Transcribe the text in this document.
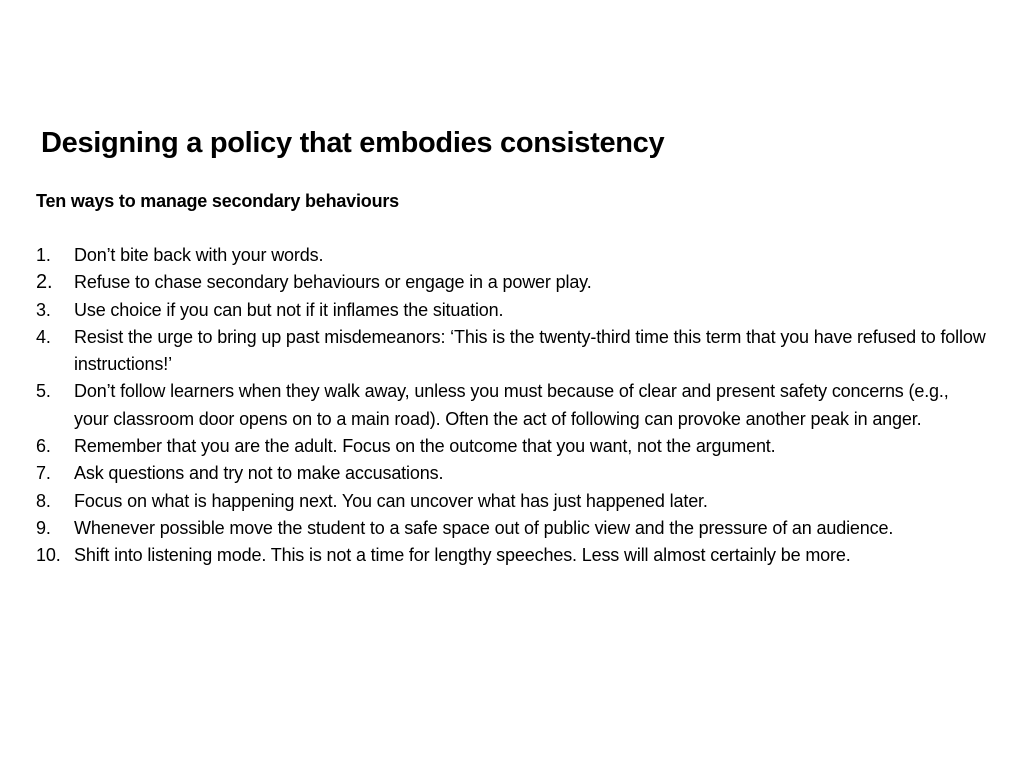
Designing a policy that embodies consistency

Ten ways to manage secondary behaviours

1.	Don’t bite back with your words.
2.	Refuse to chase secondary behaviours or engage in a power play.
3.	Use choice if you can but not if it inflames the situation.
4.	Resist the urge to bring up past misdemeanors: ‘This is the twenty-third time this term that you have refused to follow instructions!’
5.	Don’t follow learners when they walk away, unless you must because of clear and present safety concerns (e.g., your classroom door opens on to a main road). Often the act of following can provoke another peak in anger.
6.	Remember that you are the adult. Focus on the outcome that you want, not the argument.
7.	Ask questions and try not to make accusations.
8.	Focus on what is happening next. You can uncover what has just happened later.
9.	Whenever possible move the student to a safe space out of public view and the pressure of an audience.
10. Shift into listening mode. This is not a time for lengthy speeches. Less will almost certainly be more.
